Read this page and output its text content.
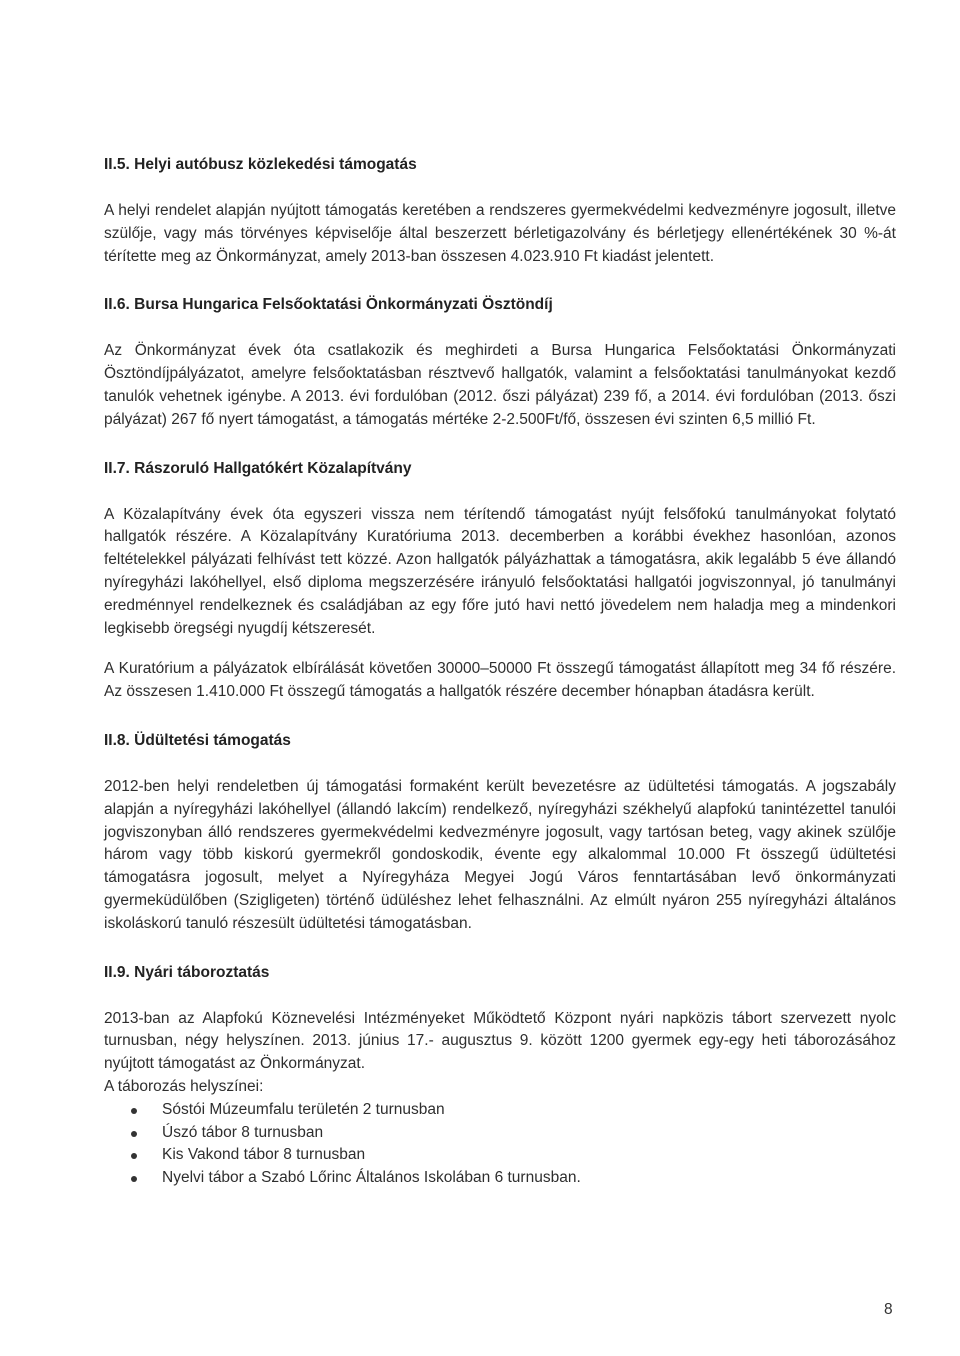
II.5. Helyi autóbusz közlekedési támogatás

A helyi rendelet alapján nyújtott támogatás keretében a rendszeres gyermekvédelmi kedvezményre jogosult, illetve szülője, vagy más törvényes képviselője által beszerzett bérletigazolvány és bérletjegy ellenértékének 30 %-át térítette meg az Önkormányzat, amely 2013-ban összesen 4.023.910 Ft kiadást jelentett.

II.6. Bursa Hungarica Felsőoktatási Önkormányzati Ösztöndíj

Az Önkormányzat évek óta csatlakozik és meghirdeti a Bursa Hungarica Felsőoktatási Önkormányzati Ösztöndíjpályázatot, amelyre felsőoktatásban résztvevő hallgatók, valamint a felsőoktatási tanulmányokat kezdő tanulók vehetnek igénybe. A 2013. évi fordulóban (2012. őszi pályázat) 239 fő, a 2014. évi fordulóban (2013. őszi pályázat) 267 fő nyert támogatást, a támogatás mértéke 2-2.500Ft/fő, összesen évi szinten 6,5 millió Ft.

II.7. Rászoruló Hallgatókért Közalapítvány

A Közalapítvány évek óta egyszeri vissza nem térítendő támogatást nyújt felsőfokú tanulmányokat folytató hallgatók részére. A Közalapítvány Kuratóriuma 2013. decemberben a korábbi évekhez hasonlóan, azonos feltételekkel pályázati felhívást tett közzé. Azon hallgatók pályázhattak a támogatásra, akik legalább 5 éve állandó nyíregyházi lakóhellyel, első diploma megszerzésére irányuló felsőoktatási hallgatói jogviszonnyal, jó tanulmányi eredménnyel rendelkeznek és családjában az egy főre jutó havi nettó jövedelem nem haladja meg a mindenkori legkisebb öregségi nyugdíj kétszeresét.

A Kuratórium a pályázatok elbírálását követően 30000–50000 Ft összegű támogatást állapított meg 34 fő részére. Az összesen 1.410.000 Ft összegű támogatás a hallgatók részére december hónapban átadásra került.

II.8. Üdültetési támogatás

2012-ben helyi rendeletben új támogatási formaként került bevezetésre az üdültetési támogatás. A jogszabály alapján a nyíregyházi lakóhellyel (állandó lakcím) rendelkező, nyíregyházi székhelyű alapfokú tanintézettel tanulói jogviszonyban álló rendszeres gyermekvédelmi kedvezményre jogosult, vagy tartósan beteg, vagy akinek szülője három vagy több kiskorú gyermekről gondoskodik, évente egy alkalommal 10.000 Ft összegű üdültetési támogatásra jogosult, melyet a Nyíregyháza Megyei Jogú Város fenntartásában levő önkormányzati gyermeküdülőben (Szigligeten) történő üdüléshez lehet felhasználni. Az elmúlt nyáron 255 nyíregyházi általános iskoláskorú tanuló részesült üdültetési támogatásban.

II.9. Nyári táboroztatás

2013-ban az Alapfokú Köznevelési Intézményeket Működtető Központ nyári napközis tábort szervezett nyolc turnusban, négy helyszínen. 2013. június 17.- augusztus 9. között 1200 gyermek egy-egy heti táborozásához nyújtott támogatást az Önkormányzat.

A táborozás helyszínei:

Sóstói Múzeumfalu területén 2 turnusban
Úszó tábor 8 turnusban
Kis Vakond tábor 8 turnusban
Nyelvi tábor a Szabó Lőrinc Általános Iskolában 6 turnusban.
8
